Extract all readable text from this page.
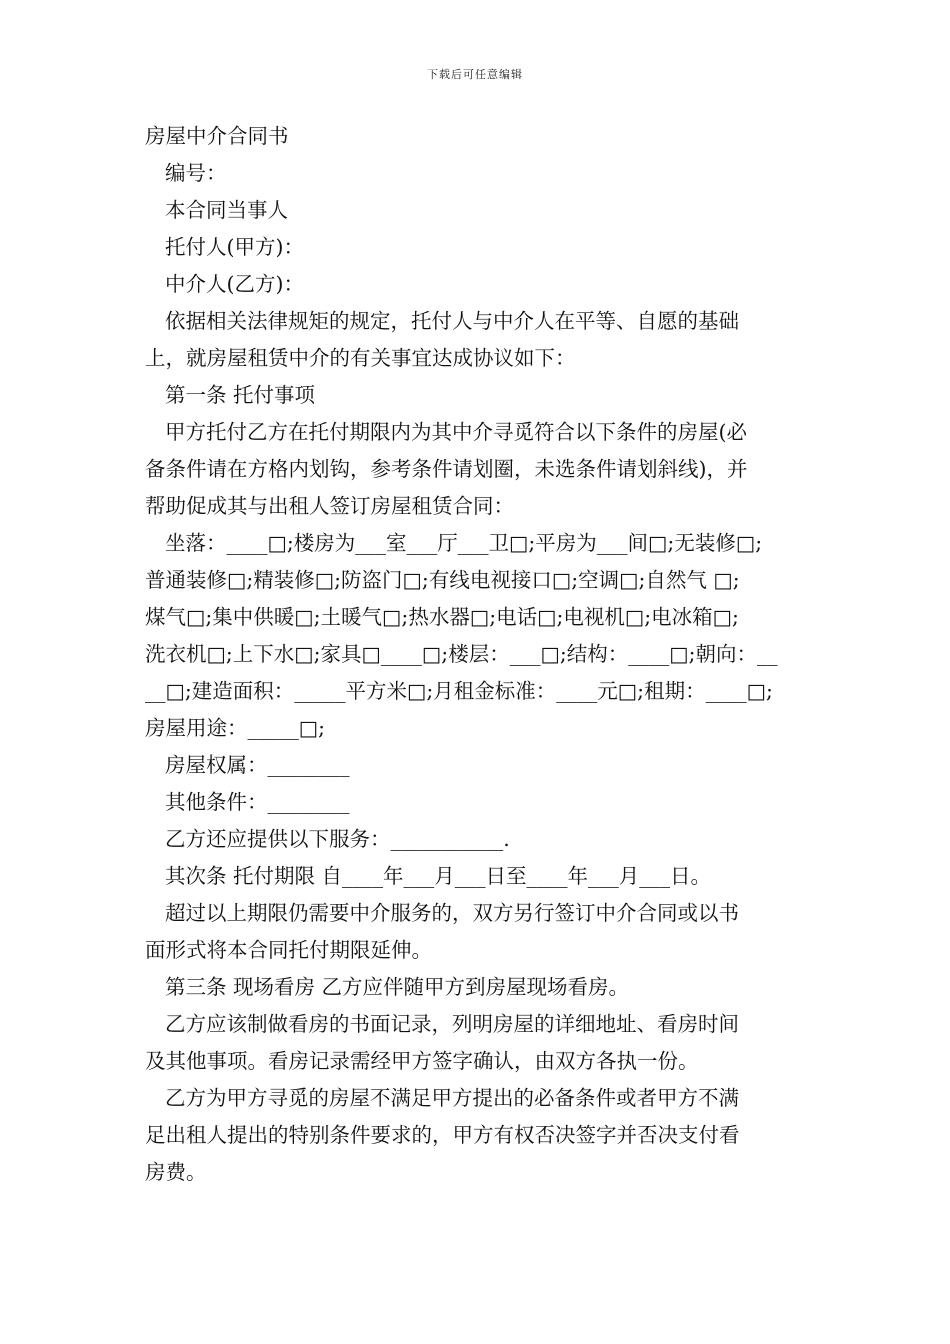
下载后可任意编辑
房屋中介合同书
编号：
本合同当事人
托付人(甲方)：
中介人(乙方)：
依据相关法律规矩的规定，托付人与中介人在平等、自愿的基础
上，就房屋租赁中介的有关事宜达成协议如下：
第一条 托付事项
甲方托付乙方在托付期限内为其中介寻觅符合以下条件的房屋(必
备条件请在方格内划钩，参考条件请划圈，未选条件请划斜线)，并
帮助促成其与出租人签订房屋租赁合同：
坐落：____□;楼房为___室___厅___卫□;平房为___间□;无装修□;
普通装修□;精装修□;防盗门□;有线电视接口□;空调□;自然气 □;
煤气□;集中供暖□;土暖气□;热水器□;电话□;电视机□;电冰箱□;
洗衣机□;上下水□;家具□____□;楼层：___□;结构：____□;朝向：__
__□;建造面积：_____平方米□;月租金标准：____元□;租期：____□;
房屋用途：_____□;
房屋权属：________
其他条件：________
乙方还应提供以下服务：___________.
其次条 托付期限 自____年___月___日至____年___月___日。
超过以上期限仍需要中介服务的，双方另行签订中介合同或以书
面形式将本合同托付期限延伸。
第三条 现场看房 乙方应伴随甲方到房屋现场看房。
乙方应该制做看房的书面记录，列明房屋的详细地址、看房时间
及其他事项。看房记录需经甲方签字确认，由双方各执一份。
乙方为甲方寻觅的房屋不满足甲方提出的必备条件或者甲方不满
足出租人提出的特别条件要求的，甲方有权否决签字并否决支付看
房费。
